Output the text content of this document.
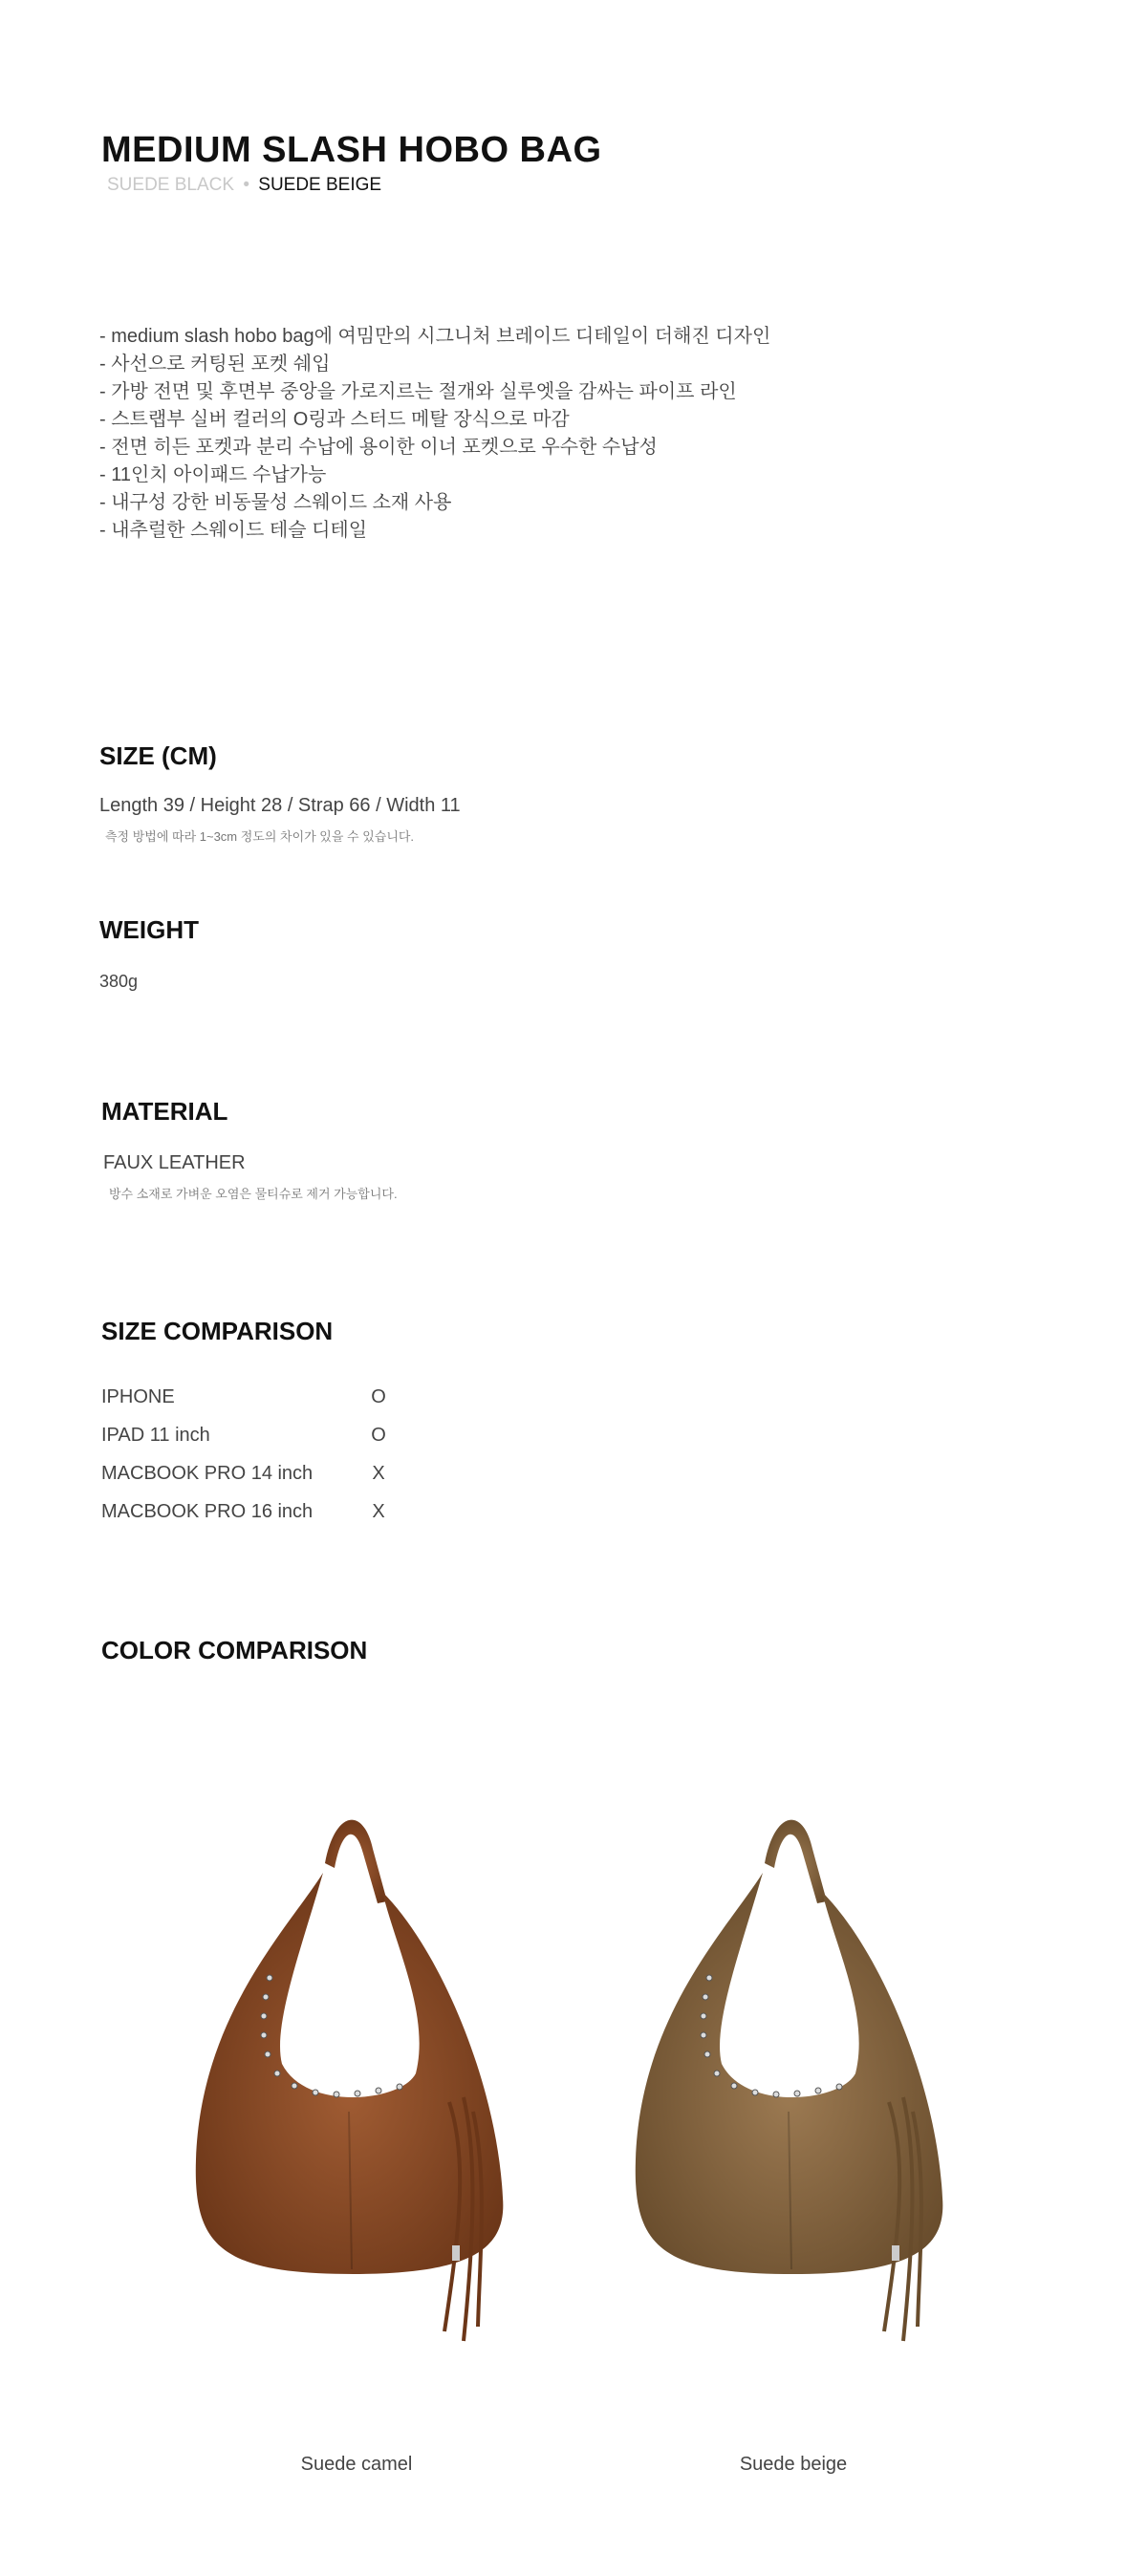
MEDIUM SLASH HOBO BAG
SUEDE BLACK • SUEDE BEIGE
- medium slash hobo bag에 여밈만의 시그니처 브레이드 디테일이 더해진 디자인
- 사선으로 커팅된 포켓 쉐입
- 가방 전면 및 후면부 중앙을 가로지르는 절개와 실루엣을 감싸는 파이프 라인
- 스트랩부 실버 컬러의 O링과 스터드 메탈 장식으로 마감
- 전면 히든 포켓과 분리 수납에 용이한 이너 포켓으로 우수한 수납성
- 11인치 아이패드 수납가능
- 내구성 강한 비동물성 스웨이드 소재 사용
- 내추럴한 스웨이드 테슬 디테일
SIZE (CM)
Length 39 / Height 28 / Strap 66 / Width 11
측정 방법에 따라 1~3cm 정도의 차이가 있을 수 있습니다.
WEIGHT
380g
MATERIAL
FAUX LEATHER
방수 소재로 가벼운 오염은 물티슈로 제거 가능합니다.
SIZE COMPARISON
IPHONE	O
IPAD 11 inch	O
MACBOOK PRO 14 inch	X
MACBOOK PRO 16 inch	X
COLOR COMPARISON
Suede camel	Suede beige
